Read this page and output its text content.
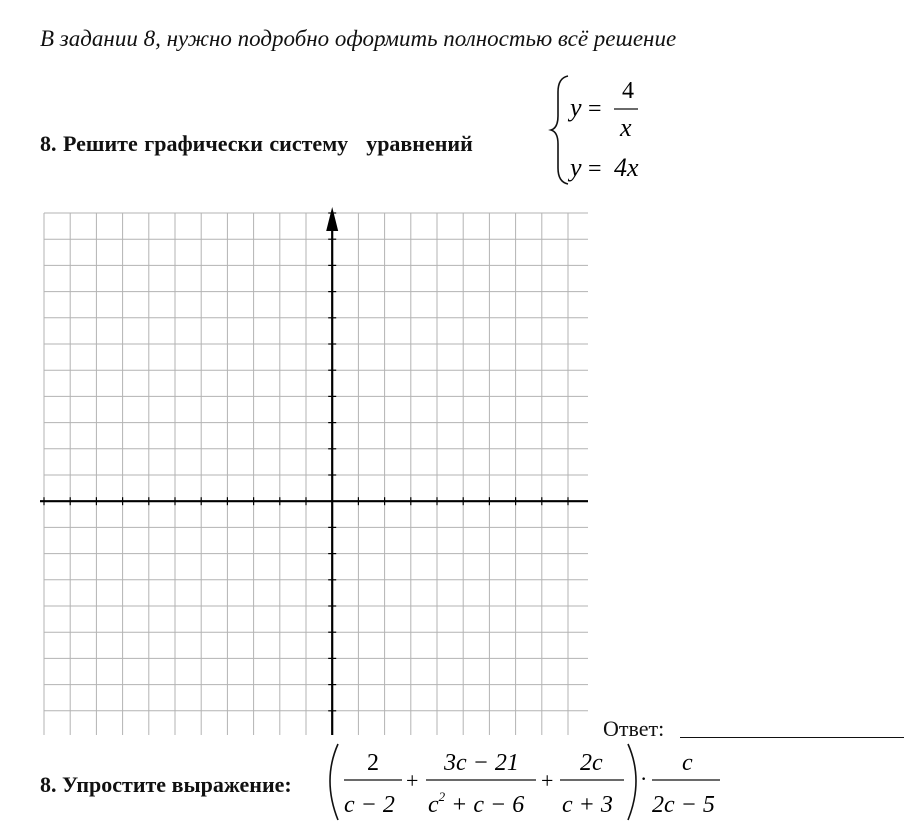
В задании 8, нужно подробно оформить полностью всё решение
8. Решите графически систему уравнений
y =
4
x
y = 4x
Ответ:
8. Упростите выражение:
2
c − 2
+
3c − 21
$c^2 + c - 6$
+
2c
c + 3
·
c
2c − 5
